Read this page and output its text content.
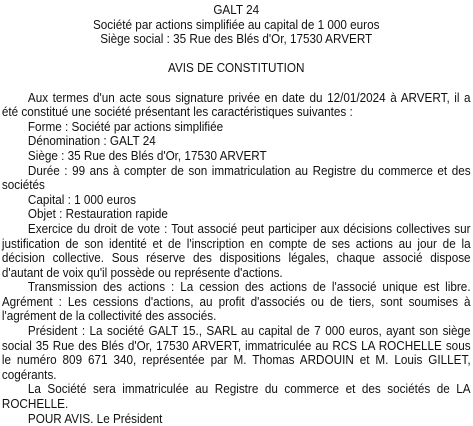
GALT 24

Société par actions simplifiée au capital de 1 000 euros

Siège social : 35 Rue des Blés d'Or, 17530 ARVERT

AVIS DE CONSTITUTION

Aux termes d'un acte sous signature privée en date du 12/01/2024 à ARVERT, il a été constitué une société présentant les caractéristiques suivantes :

Forme : Société par actions simplifiée

Dénomination : GALT 24

Siège : 35 Rue des Blés d'Or, 17530 ARVERT

Durée : 99 ans à compter de son immatriculation au Registre du commerce et des sociétés

Capital : 1 000 euros

Objet : Restauration rapide

Exercice du droit de vote : Tout associé peut participer aux décisions collectives sur justification de son identité et de l'inscription en compte de ses actions au jour de la décision collective. Sous réserve des dispositions légales, chaque associé dispose d'autant de voix qu'il possède ou représente d'actions.

Transmission des actions : La cession des actions de l'associé unique est libre. Agrément : Les cessions d'actions, au profit d'associés ou de tiers, sont soumises à l'agrément de la collectivité des associés.

Président : La société GALT 15., SARL au capital de 7 000 euros, ayant son siège social 35 Rue des Blés d'Or, 17530 ARVERT, immatriculée au RCS LA ROCHELLE sous le numéro 809 671 340, représentée par M. Thomas ARDOUIN et M. Louis GILLET, cogérants.

La Société sera immatriculée au Registre du commerce et des sociétés de LA ROCHELLE.

POUR AVIS. Le Président
